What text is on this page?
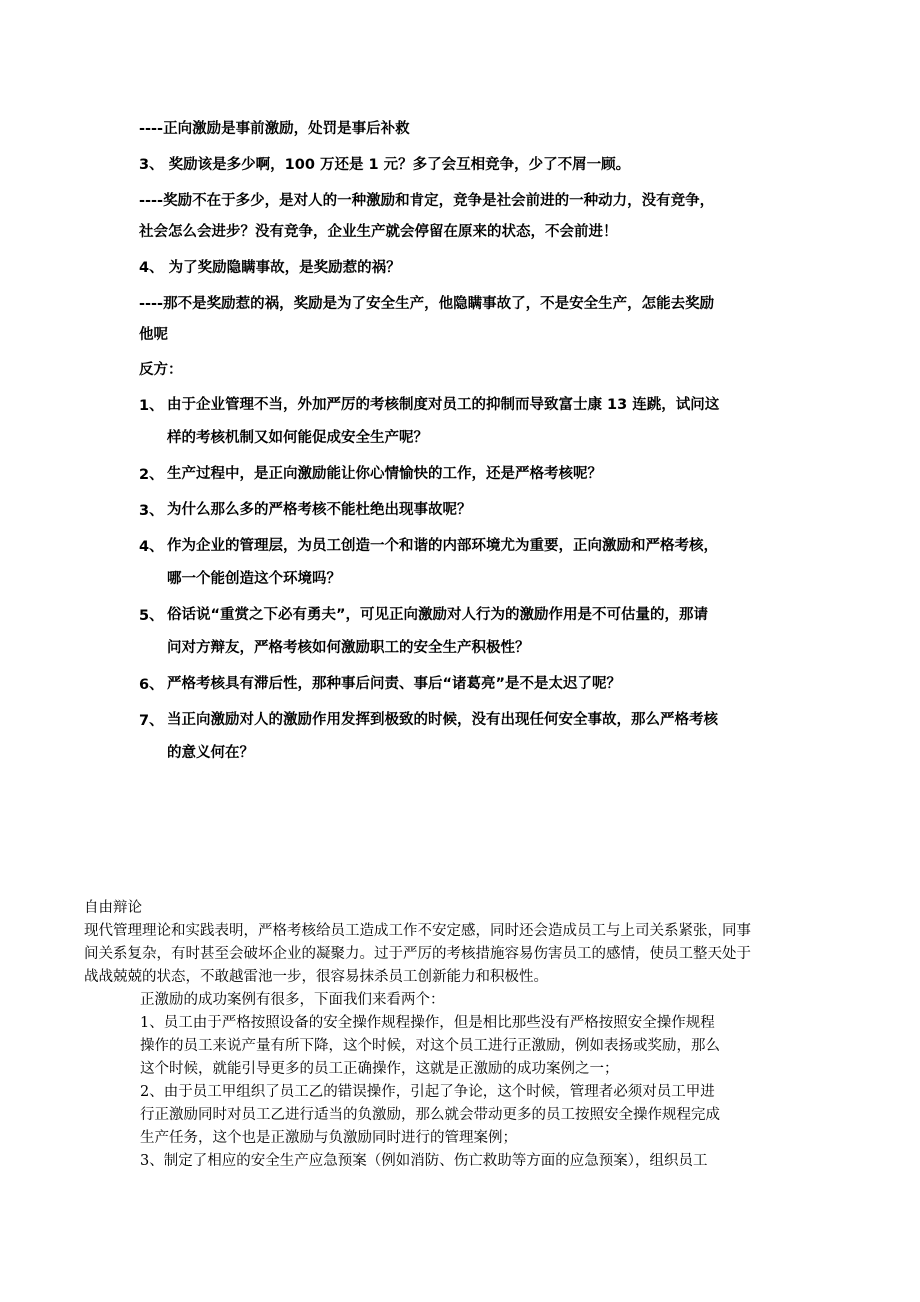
----正向激励是事前激励，处罚是事后补救
3、 奖励该是多少啊，100 万还是 1 元？多了会互相竞争，少了不屑一顾。
----奖励不在于多少，是对人的一种激励和肯定，竞争是社会前进的一种动力，没有竞争，
社会怎么会进步？没有竞争，企业生产就会停留在原来的状态，不会前进！
4、 为了奖励隐瞒事故，是奖励惹的祸？
----那不是奖励惹的祸，奖励是为了安全生产，他隐瞒事故了，不是安全生产，怎能去奖励
他呢
反方：
1、 由于企业管理不当，外加严厉的考核制度对员工的抑制而导致富士康 13 连跳，试问这
样的考核机制又如何能促成安全生产呢？
2、 生产过程中，是正向激励能让你心情愉快的工作，还是严格考核呢？
3、 为什么那么多的严格考核不能杜绝出现事故呢？
4、 作为企业的管理层，为员工创造一个和谐的内部环境尤为重要，正向激励和严格考核，
哪一个能创造这个环境吗？
5、 俗话说“重赏之下必有勇夫”，可见正向激励对人行为的激励作用是不可估量的，那请
问对方辩友，严格考核如何激励职工的安全生产积极性？
6、 严格考核具有滞后性，那种事后问责、事后“诸葛亮”是不是太迟了呢？
7、 当正向激励对人的激励作用发挥到极致的时候，没有出现任何安全事故，那么严格考核
的意义何在？
自由辩论
现代管理理论和实践表明，严格考核给员工造成工作不安定感，同时还会造成员工与上司关系紧张，同事
间关系复杂，有时甚至会破坏企业的凝聚力。过于严厉的考核措施容易伤害员工的感情，使员工整天处于
战战兢兢的状态，不敢越雷池一步，很容易抹杀员工创新能力和积极性。
正激励的成功案例有很多，下面我们来看两个：
1、员工由于严格按照设备的安全操作规程操作，但是相比那些没有严格按照安全操作规程
操作的员工来说产量有所下降，这个时候，对这个员工进行正激励，例如表扬或奖励，那么
这个时候，就能引导更多的员工正确操作，这就是正激励的成功案例之一；
2、由于员工甲组织了员工乙的错误操作，引起了争论，这个时候，管理者必须对员工甲进
行正激励同时对员工乙进行适当的负激励，那么就会带动更多的员工按照安全操作规程完成
生产任务，这个也是正激励与负激励同时进行的管理案例；
3、制定了相应的安全生产应急预案（例如消防、伤亡救助等方面的应急预案），组织员工
